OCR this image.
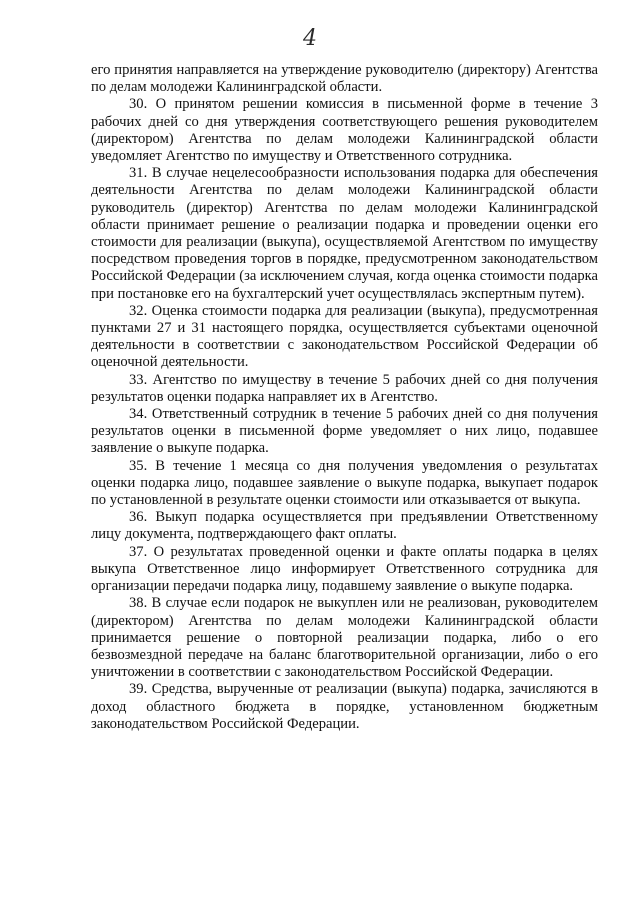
4

его принятия направляется на утверждение руководителю (директору) Агентства по делам молодежи Калининградской области.

30. О принятом решении комиссия в письменной форме в течение 3 рабочих дней со дня утверждения соответствующего решения руководителем (директором) Агентства по делам молодежи Калининградской области уведомляет Агентство по имуществу и Ответственного сотрудника.

31. В случае нецелесообразности использования подарка для обеспечения деятельности Агентства по делам молодежи Калининградской области руководитель (директор) Агентства по делам молодежи Калининградской области принимает решение о реализации подарка и проведении оценки его стоимости для реализации (выкупа), осуществляемой Агентством по имуществу посредством проведения торгов в порядке, предусмотренном законодательством Российской Федерации (за исключением случая, когда оценка стоимости подарка при постановке его на бухгалтерский учет осуществлялась экспертным путем).

32. Оценка стоимости подарка для реализации (выкупа), предусмотренная пунктами 27 и 31 настоящего порядка, осуществляется субъектами оценочной деятельности в соответствии с законодательством Российской Федерации об оценочной деятельности.

33. Агентство по имуществу в течение 5 рабочих дней со дня получения результатов оценки подарка направляет их в Агентство.

34. Ответственный сотрудник в течение 5 рабочих дней со дня получения результатов оценки в письменной форме уведомляет о них лицо, подавшее заявление о выкупе подарка.

35. В течение 1 месяца со дня получения уведомления о результатах оценки подарка лицо, подавшее заявление о выкупе подарка, выкупает подарок по установленной в результате оценки стоимости или отказывается от выкупа.

36. Выкуп подарка осуществляется при предъявлении Ответственному лицу документа, подтверждающего факт оплаты.

37. О результатах проведенной оценки и факте оплаты подарка в целях выкупа Ответственное лицо информирует Ответственного сотрудника для организации передачи подарка лицу, подавшему заявление о выкупе подарка.

38. В случае если подарок не выкуплен или не реализован, руководителем (директором) Агентства по делам молодежи Калининградской области принимается решение о повторной реализации подарка, либо о его безвозмездной передаче на баланс благотворительной организации, либо о его уничтожении в соответствии с законодательством Российской Федерации.

39. Средства, вырученные от реализации (выкупа) подарка, зачисляются в доход областного бюджета в порядке, установленном бюджетным законодательством Российской Федерации.
